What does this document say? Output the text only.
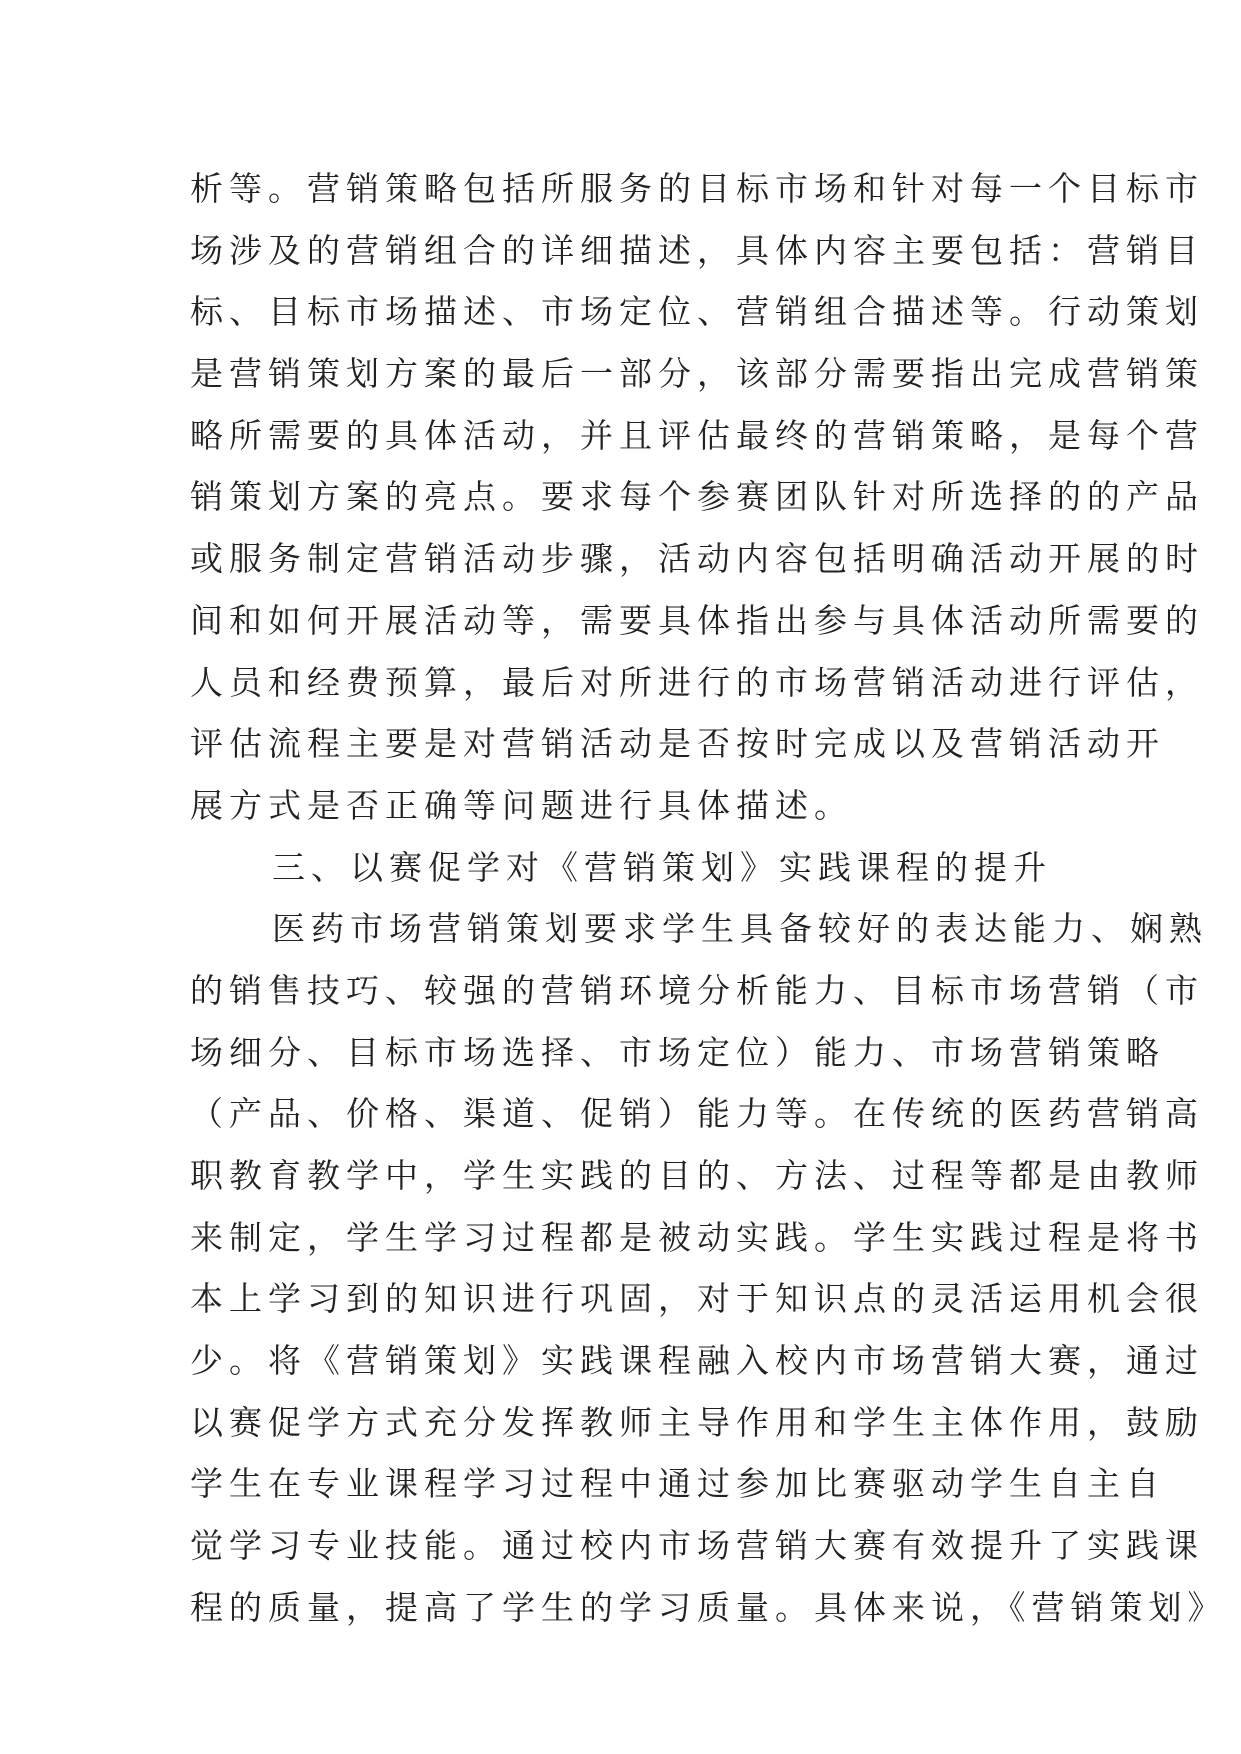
析等。营销策略包括所服务的目标市场和针对每一个目标市
场涉及的营销组合的详细描述，具体内容主要包括：营销目
标、目标市场描述、市场定位、营销组合描述等。行动策划
是营销策划方案的最后一部分，该部分需要指出完成营销策
略所需要的具体活动，并且评估最终的营销策略，是每个营
销策划方案的亮点。要求每个参赛团队针对所选择的的产品
或服务制定营销活动步骤，活动内容包括明确活动开展的时
间和如何开展活动等，需要具体指出参与具体活动所需要的
人员和经费预算，最后对所进行的市场营销活动进行评估，
评估流程主要是对营销活动是否按时完成以及营销活动开
展方式是否正确等问题进行具体描述。
三、以赛促学对《营销策划》实践课程的提升
医药市场营销策划要求学生具备较好的表达能力、娴熟
的销售技巧、较强的营销环境分析能力、目标市场营销（市
场细分、目标市场选择、市场定位）能力、市场营销策略
（产品、价格、渠道、促销）能力等。在传统的医药营销高
职教育教学中，学生实践的目的、方法、过程等都是由教师
来制定，学生学习过程都是被动实践。学生实践过程是将书
本上学习到的知识进行巩固，对于知识点的灵活运用机会很
少。将《营销策划》实践课程融入校内市场营销大赛，通过
以赛促学方式充分发挥教师主导作用和学生主体作用，鼓励
学生在专业课程学习过程中通过参加比赛驱动学生自主自
觉学习专业技能。通过校内市场营销大赛有效提升了实践课
程的质量，提高了学生的学习质量。具体来说，《营销策划》
